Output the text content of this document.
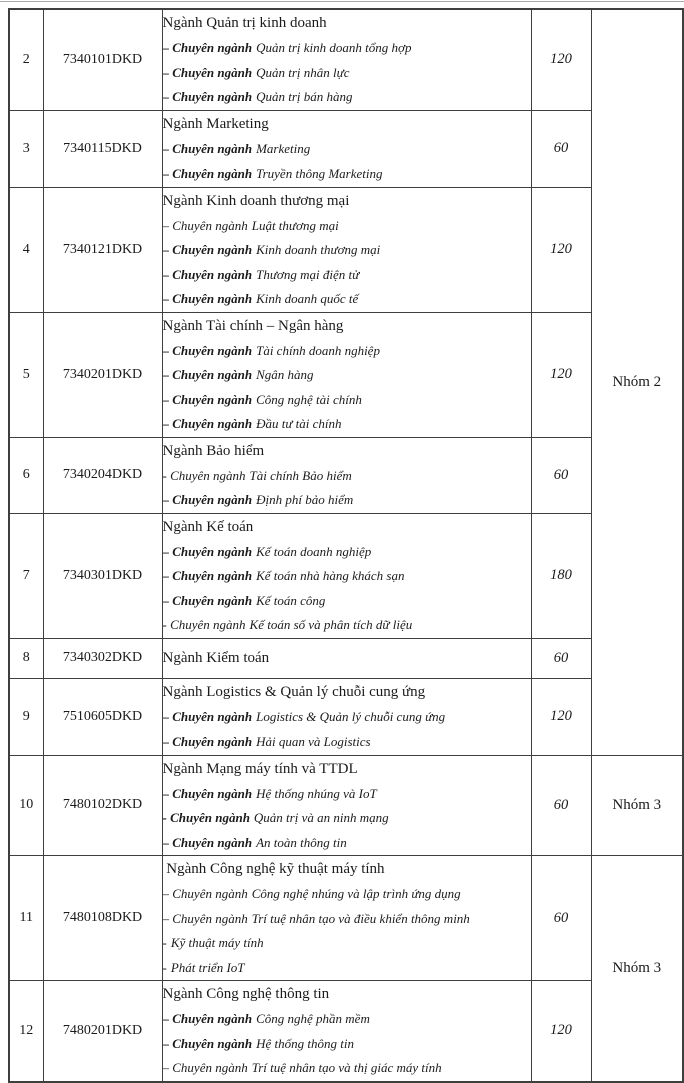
2	7340101DKD	Ngành Quản trị kinh doanh
– Chuyên ngành Quản trị kinh doanh tổng hợp
– Chuyên ngành Quản trị nhân lực
– Chuyên ngành Quản trị bán hàng	120	Nhóm 2
3	7340115DKD	Ngành Marketing
– Chuyên ngành Marketing
– Chuyên ngành Truyền thông Marketing	60	
4	7340121DKD	Ngành Kinh doanh thương mại
– Chuyên ngành Luật thương mại
– Chuyên ngành Kinh doanh thương mại
– Chuyên ngành Thương mại điện tử
– Chuyên ngành Kinh doanh quốc tế	120	
5	7340201DKD	Ngành Tài chính – Ngân hàng
– Chuyên ngành Tài chính doanh nghiệp
– Chuyên ngành Ngân hàng
– Chuyên ngành Công nghệ tài chính
– Chuyên ngành Đầu tư tài chính	120	
6	7340204DKD	Ngành Bảo hiểm
- Chuyên ngành Tài chính Bảo hiểm
– Chuyên ngành Định phí bảo hiểm	60	
7	7340301DKD	Ngành Kế toán
– Chuyên ngành Kế toán doanh nghiệp
– Chuyên ngành Kế toán nhà hàng khách sạn
– Chuyên ngành Kế toán công
- Chuyên ngành Kế toán số và phân tích dữ liệu	180	
8	7340302DKD	Ngành Kiểm toán	60	
9	7510605DKD	Ngành Logistics & Quản lý chuỗi cung ứng
– Chuyên ngành Logistics & Quản lý chuỗi cung ứng
– Chuyên ngành Hải quan và Logistics	120	
10	7480102DKD	Ngành Mạng máy tính và TTDL
– Chuyên ngành Hệ thống nhúng và IoT
- Chuyên ngành Quản trị và an ninh mạng
– Chuyên ngành An toàn thông tin	60	Nhóm 3
11	7480108DKD	Ngành Công nghệ kỹ thuật máy tính
– Chuyên ngành Công nghệ nhúng và lập trình ứng dụng
– Chuyên ngành Trí tuệ nhân tạo và điều khiển thông minh
- Kỹ thuật máy tính
- Phát triển IoT	60	Nhóm 3
12	7480201DKD	Ngành Công nghệ thông tin
– Chuyên ngành Công nghệ phần mềm
– Chuyên ngành Hệ thống thông tin
– Chuyên ngành Trí tuệ nhân tạo và thị giác máy tính	120	
